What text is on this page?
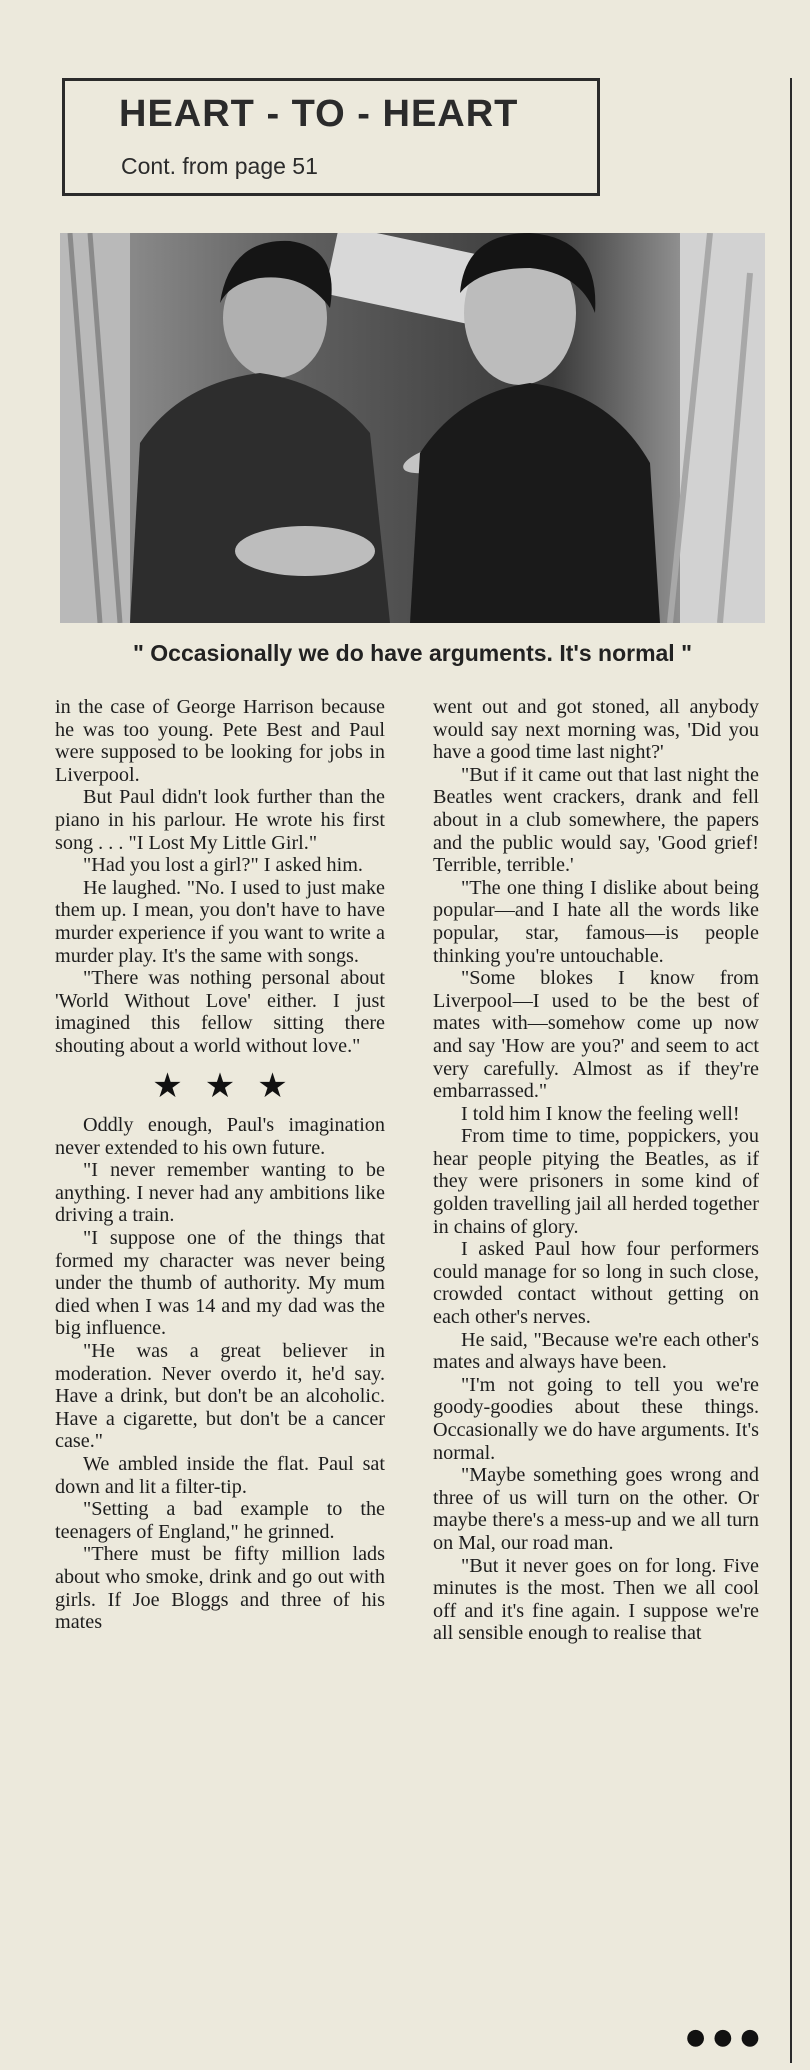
HEART - TO - HEART
Cont. from page 51
" Occasionally we do have arguments. It's normal "

in the case of George Harrison because he was too young. Pete Best and Paul were supposed to be looking for jobs in Liverpool.

But Paul didn't look further than the piano in his parlour. He wrote his first song . . . "I Lost My Little Girl."

"Had you lost a girl?" I asked him.

He laughed. "No. I used to just make them up. I mean, you don't have to have murder experience if you want to write a murder play. It's the same with songs.

"There was nothing personal about 'World Without Love' either. I just imagined this fellow sitting there shouting about a world without love."

★★★

Oddly enough, Paul's imagination never extended to his own future.

"I never remember wanting to be anything. I never had any ambitions like driving a train.

"I suppose one of the things that formed my character was never being under the thumb of authority. My mum died when I was 14 and my dad was the big influence.

"He was a great believer in moderation. Never overdo it, he'd say. Have a drink, but don't be an alcoholic. Have a cigarette, but don't be a cancer case."

We ambled inside the flat. Paul sat down and lit a filter-tip.

"Setting a bad example to the teenagers of England," he grinned.

"There must be fifty million lads about who smoke, drink and go out with girls. If Joe Bloggs and three of his mates

went out and got stoned, all anybody would say next morning was, 'Did you have a good time last night?'

"But if it came out that last night the Beatles went crackers, drank and fell about in a club somewhere, the papers and the public would say, 'Good grief! Terrible, terrible.'

"The one thing I dislike about being popular—and I hate all the words like popular, star, famous—is people thinking you're untouchable.

"Some blokes I know from Liverpool—I used to be the best of mates with—somehow come up now and say 'How are you?' and seem to act very carefully. Almost as if they're embarrassed."

I told him I know the feeling well!

From time to time, poppickers, you hear people pitying the Beatles, as if they were prisoners in some kind of golden travelling jail all herded together in chains of glory.

I asked Paul how four performers could manage for so long in such close, crowded contact without getting on each other's nerves.

He said, "Because we're each other's mates and always have been.

"I'm not going to tell you we're goody-goodies about these things. Occasionally we do have arguments. It's normal.

"Maybe something goes wrong and three of us will turn on the other. Or maybe there's a mess-up and we all turn on Mal, our road man.

"But it never goes on for long. Five minutes is the most. Then we all cool off and it's fine again. I suppose we're all sensible enough to realise that

●●●
